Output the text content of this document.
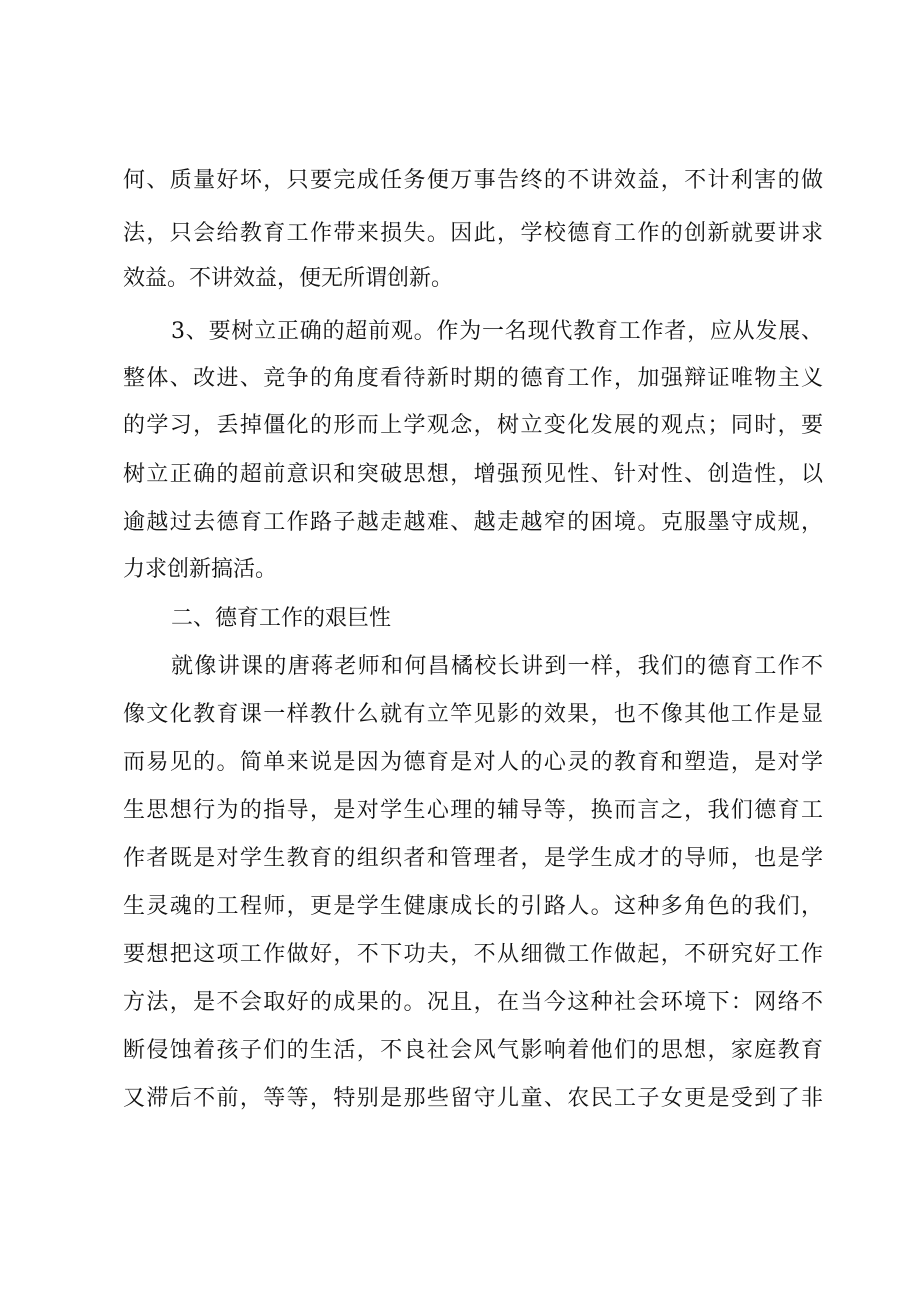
何、质量好坏，只要完成任务便万事告终的不讲效益，不计利害的做
法，只会给教育工作带来损失。因此，学校德育工作的创新就要讲求
效益。不讲效益，便无所谓创新。
3、要树立正确的超前观。作为一名现代教育工作者，应从发展、
整体、改进、竞争的角度看待新时期的德育工作，加强辩证唯物主义
的学习，丢掉僵化的形而上学观念，树立变化发展的观点；同时，要
树立正确的超前意识和突破思想，增强预见性、针对性、创造性，以
逾越过去德育工作路子越走越难、越走越窄的困境。克服墨守成规，
力求创新搞活。
二、德育工作的艰巨性
就像讲课的唐蒋老师和何昌橘校长讲到一样，我们的德育工作不
像文化教育课一样教什么就有立竿见影的效果，也不像其他工作是显
而易见的。简单来说是因为德育是对人的心灵的教育和塑造，是对学
生思想行为的指导，是对学生心理的辅导等，换而言之，我们德育工
作者既是对学生教育的组织者和管理者，是学生成才的导师，也是学
生灵魂的工程师，更是学生健康成长的引路人。这种多角色的我们，
要想把这项工作做好，不下功夫，不从细微工作做起，不研究好工作
方法，是不会取好的成果的。况且，在当今这种社会环境下：网络不
断侵蚀着孩子们的生活，不良社会风气影响着他们的思想，家庭教育
又滞后不前，等等，特别是那些留守儿童、农民工子女更是受到了非
